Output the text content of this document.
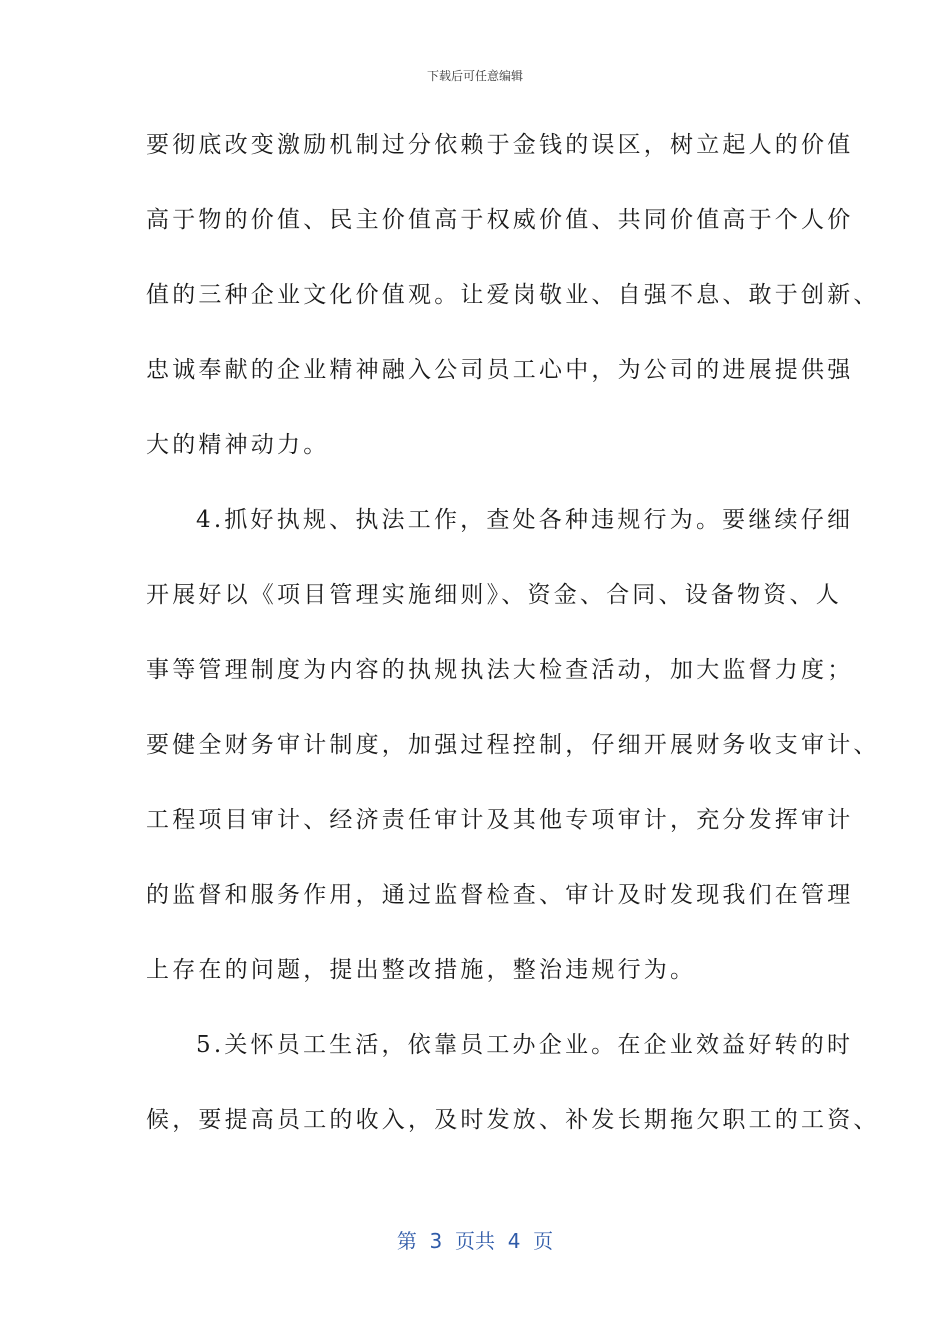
下载后可任意编辑
要彻底改变激励机制过分依赖于金钱的误区，树立起人的价值
高于物的价值、民主价值高于权威价值、共同价值高于个人价
值的三种企业文化价值观。让爱岗敬业、自强不息、敢于创新、
忠诚奉献的企业精神融入公司员工心中，为公司的进展提供强
大的精神动力。
4.抓好执规、执法工作，查处各种违规行为。要继续仔细
开展好以《项目管理实施细则》、资金、合同、设备物资、人
事等管理制度为内容的执规执法大检查活动，加大监督力度；
要健全财务审计制度，加强过程控制，仔细开展财务收支审计、
工程项目审计、经济责任审计及其他专项审计，充分发挥审计
的监督和服务作用，通过监督检查、审计及时发现我们在管理
上存在的问题，提出整改措施，整治违规行为。
5.关怀员工生活，依靠员工办企业。在企业效益好转的时
候，要提高员工的收入，及时发放、补发长期拖欠职工的工资、
第  3  页共  4  页
